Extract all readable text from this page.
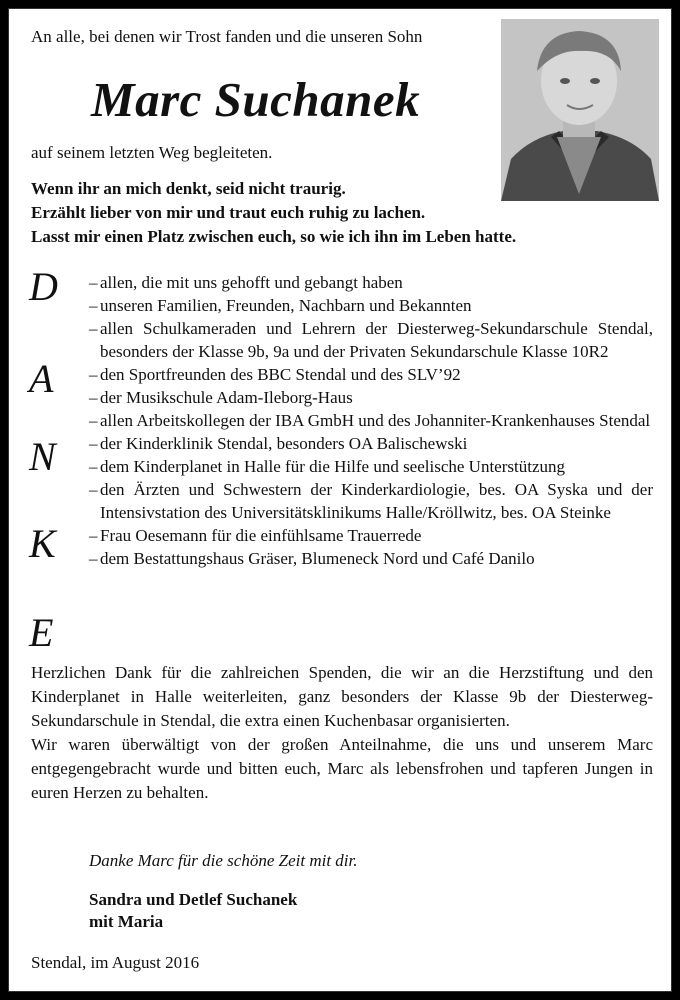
An alle, bei denen wir Trost fanden und die unseren Sohn
Marc Suchanek
auf seinem letzten Weg begleiteten.
Wenn ihr an mich denkt, seid nicht traurig.
Erzählt lieber von mir und traut euch ruhig zu lachen.
Lasst mir einen Platz zwischen euch, so wie ich ihn im Leben hatte.
D
A
N
K
E
– allen, die mit uns gehofft und gebangt haben
– unseren Familien, Freunden, Nachbarn und Bekannten
– allen Schulkameraden und Lehrern der Diesterweg-Sekundarschule Stendal, besonders der Klasse 9b, 9a und der Privaten Sekundarschule Klasse 10R2
– den Sportfreunden des BBC Stendal und des SLV’92
– der Musikschule Adam-Ileborg-Haus
– allen Arbeitskollegen der IBA GmbH und des Johanniter-Krankenhauses Stendal
– der Kinderklinik Stendal, besonders OA Balischewski
– dem Kinderplanet in Halle für die Hilfe und seelische Unterstützung
– den Ärzten und Schwestern der Kinderkardiologie, bes. OA Syska und der Intensivstation des Universitätsklinikums Halle/Kröllwitz, bes. OA Steinke
– Frau Oesemann für die einfühlsame Trauerrede
– dem Bestattungshaus Gräser, Blumeneck Nord und Café Danilo

Herzlichen Dank für die zahlreichen Spenden, die wir an die Herzstiftung und den Kinderplanet in Halle weiterleiten, ganz besonders der Klasse 9b der Diesterweg-Sekundarschule in Stendal, die extra einen Kuchenbasar organisierten.

Wir waren überwältigt von der großen Anteilnahme, die uns und unserem Marc entgegengebracht wurde und bitten euch, Marc als lebensfrohen und tapferen Jungen in euren Herzen zu behalten.

Danke Marc für die schöne Zeit mit dir.
Sandra und Detlef Suchanek
mit Maria
Stendal, im August 2016
